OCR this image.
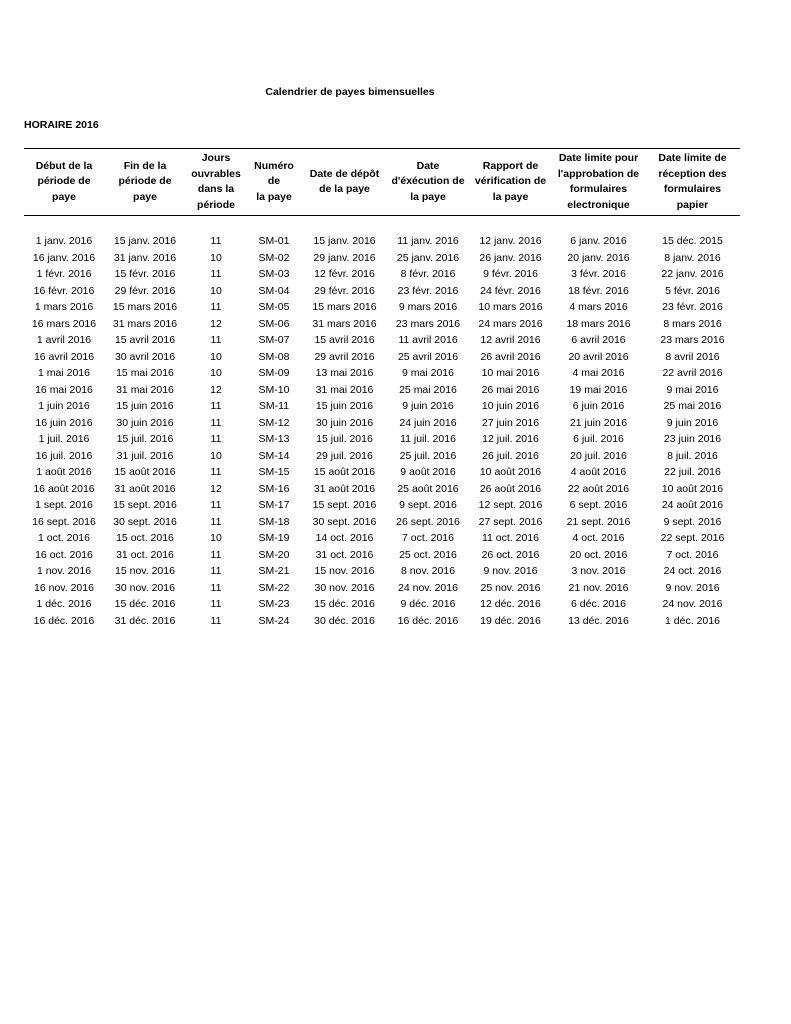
Calendrier de payes bimensuelles
HORAIRE 2016
Début de la
période de
paye	Fin de la
période de
paye	Jours
ouvrables
dans la
période	Numéro de
la paye	Date de dépôt
de la paye	Date
d'éxécution de
la paye	Rapport de
vérification de
la paye	Date limite pour
l'approbation de
formulaires
electronique	Date limite de
réception des
formulaires
papier

1 janv. 2016	15 janv. 2016	11	SM-01	15 janv. 2016	11 janv. 2016	12 janv. 2016	6 janv. 2016	15 déc. 2015
16 janv. 2016	31 janv. 2016	10	SM-02	29 janv. 2016	25 janv. 2016	26 janv. 2016	20 janv. 2016	8 janv. 2016
1 févr. 2016	15 févr. 2016	11	SM-03	12 févr. 2016	8 févr. 2016	9 févr. 2016	3 févr. 2016	22 janv. 2016
16 févr. 2016	29 févr. 2016	10	SM-04	29 févr. 2016	23 févr. 2016	24 févr. 2016	18 févr. 2016	5 févr. 2016
1 mars 2016	15 mars 2016	11	SM-05	15 mars 2016	9 mars 2016	10 mars 2016	4 mars 2016	23 févr. 2016
16 mars 2016	31 mars 2016	12	SM-06	31 mars 2016	23 mars 2016	24 mars 2016	18 mars 2016	8 mars 2016
1 avril 2016	15 avril 2016	11	SM-07	15 avril 2016	11 avril 2016	12 avril 2016	6 avril 2016	23 mars 2016
16 avril 2016	30 avril 2016	10	SM-08	29 avril 2016	25 avril 2016	26 avril 2016	20 avril 2016	8 avril 2016
1 mai 2016	15 mai 2016	10	SM-09	13 mai 2016	9 mai 2016	10 mai 2016	4 mai 2016	22 avril 2016
16 mai 2016	31 mai 2016	12	SM-10	31 mai 2016	25 mai 2016	26 mai 2016	19 mai 2016	9 mai 2016
1 juin 2016	15 juin 2016	11	SM-11	15 juin 2016	9 juin 2016	10 juin 2016	6 juin 2016	25 mai 2016
16 juin 2016	30 juin 2016	11	SM-12	30 juin 2016	24 juin 2016	27 juin 2016	21 juin 2016	9 juin 2016
1 juil. 2016	15 juil. 2016	11	SM-13	15 juil. 2016	11 juil. 2016	12 juil. 2016	6 juil. 2016	23 juin 2016
16 juil. 2016	31 juil. 2016	10	SM-14	29 juil. 2016	25 juil. 2016	26 juil. 2016	20 juil. 2016	8 juil. 2016
1 août 2016	15 août 2016	11	SM-15	15 août 2016	9 août 2016	10 août 2016	4 août 2016	22 juil. 2016
16 août 2016	31 août 2016	12	SM-16	31 août 2016	25 août 2016	26 août 2016	22 août 2016	10 août 2016
1 sept. 2016	15 sept. 2016	11	SM-17	15 sept. 2016	9 sept. 2016	12 sept. 2016	6 sept. 2016	24 août 2016
16 sept. 2016	30 sept. 2016	11	SM-18	30 sept. 2016	26 sept. 2016	27 sept. 2016	21 sept. 2016	9 sept. 2016
1 oct. 2016	15 oct. 2016	10	SM-19	14 oct. 2016	7 oct. 2016	11 oct. 2016	4 oct. 2016	22 sept. 2016
16 oct. 2016	31 oct. 2016	11	SM-20	31 oct. 2016	25 oct. 2016	26 oct. 2016	20 oct. 2016	7 oct. 2016
1 nov. 2016	15 nov. 2016	11	SM-21	15 nov. 2016	8 nov. 2016	9 nov. 2016	3 nov. 2016	24 oct. 2016
16 nov. 2016	30 nov. 2016	11	SM-22	30 nov. 2016	24 nov. 2016	25 nov. 2016	21 nov. 2016	9 nov. 2016
1 déc. 2016	15 déc. 2016	11	SM-23	15 déc. 2016	9 déc. 2016	12 déc. 2016	6 déc. 2016	24 nov. 2016
16 déc. 2016	31 déc. 2016	11	SM-24	30 déc. 2016	16 déc. 2016	19 déc. 2016	13 déc. 2016	1 déc. 2016
